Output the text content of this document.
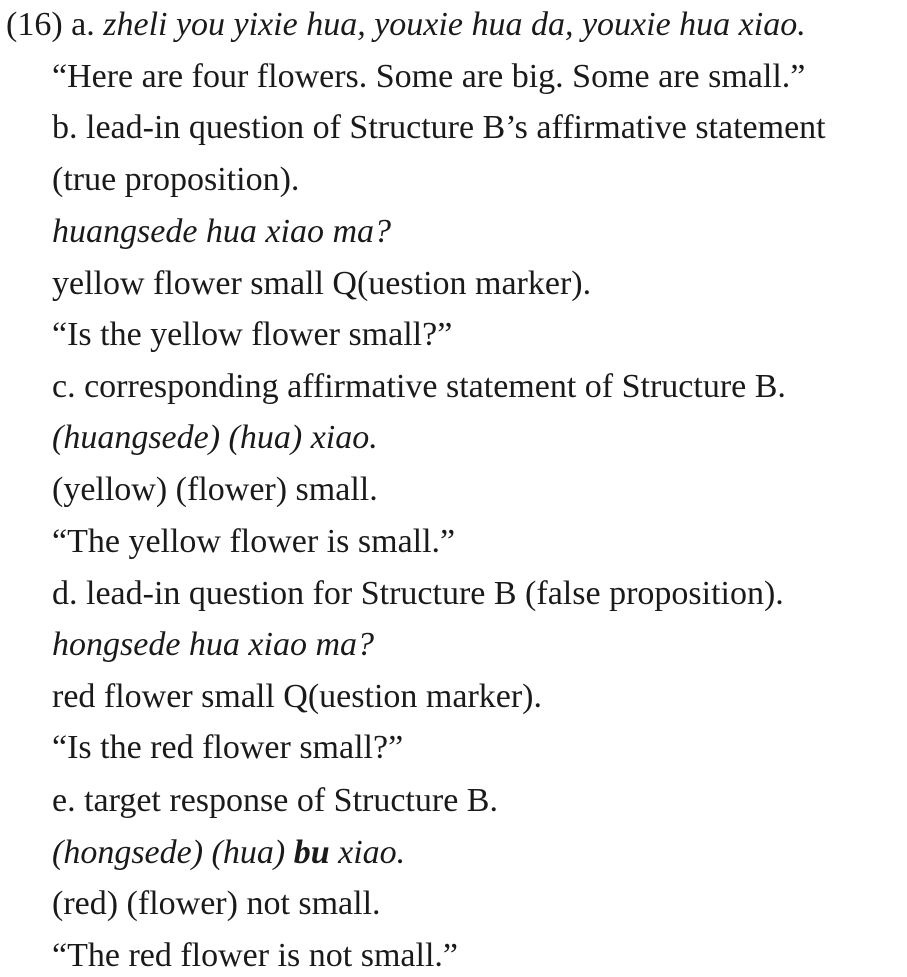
(16) a. zheli you yixie hua, youxie hua da, youxie hua xiao.
“Here are four flowers. Some are big. Some are small.”
b. lead-in question of Structure B’s affirmative statement
(true proposition).
huangsede hua xiao ma?
yellow flower small Q(uestion marker).
“Is the yellow flower small?”
c. corresponding affirmative statement of Structure B.
(huangsede) (hua) xiao.
(yellow) (flower) small.
“The yellow flower is small.”
d. lead-in question for Structure B (false proposition).
hongsede hua xiao ma?
red flower small Q(uestion marker).
“Is the red flower small?”
e. target response of Structure B.
(hongsede) (hua) bu xiao.
(red) (flower) not small.
“The red flower is not small.”
